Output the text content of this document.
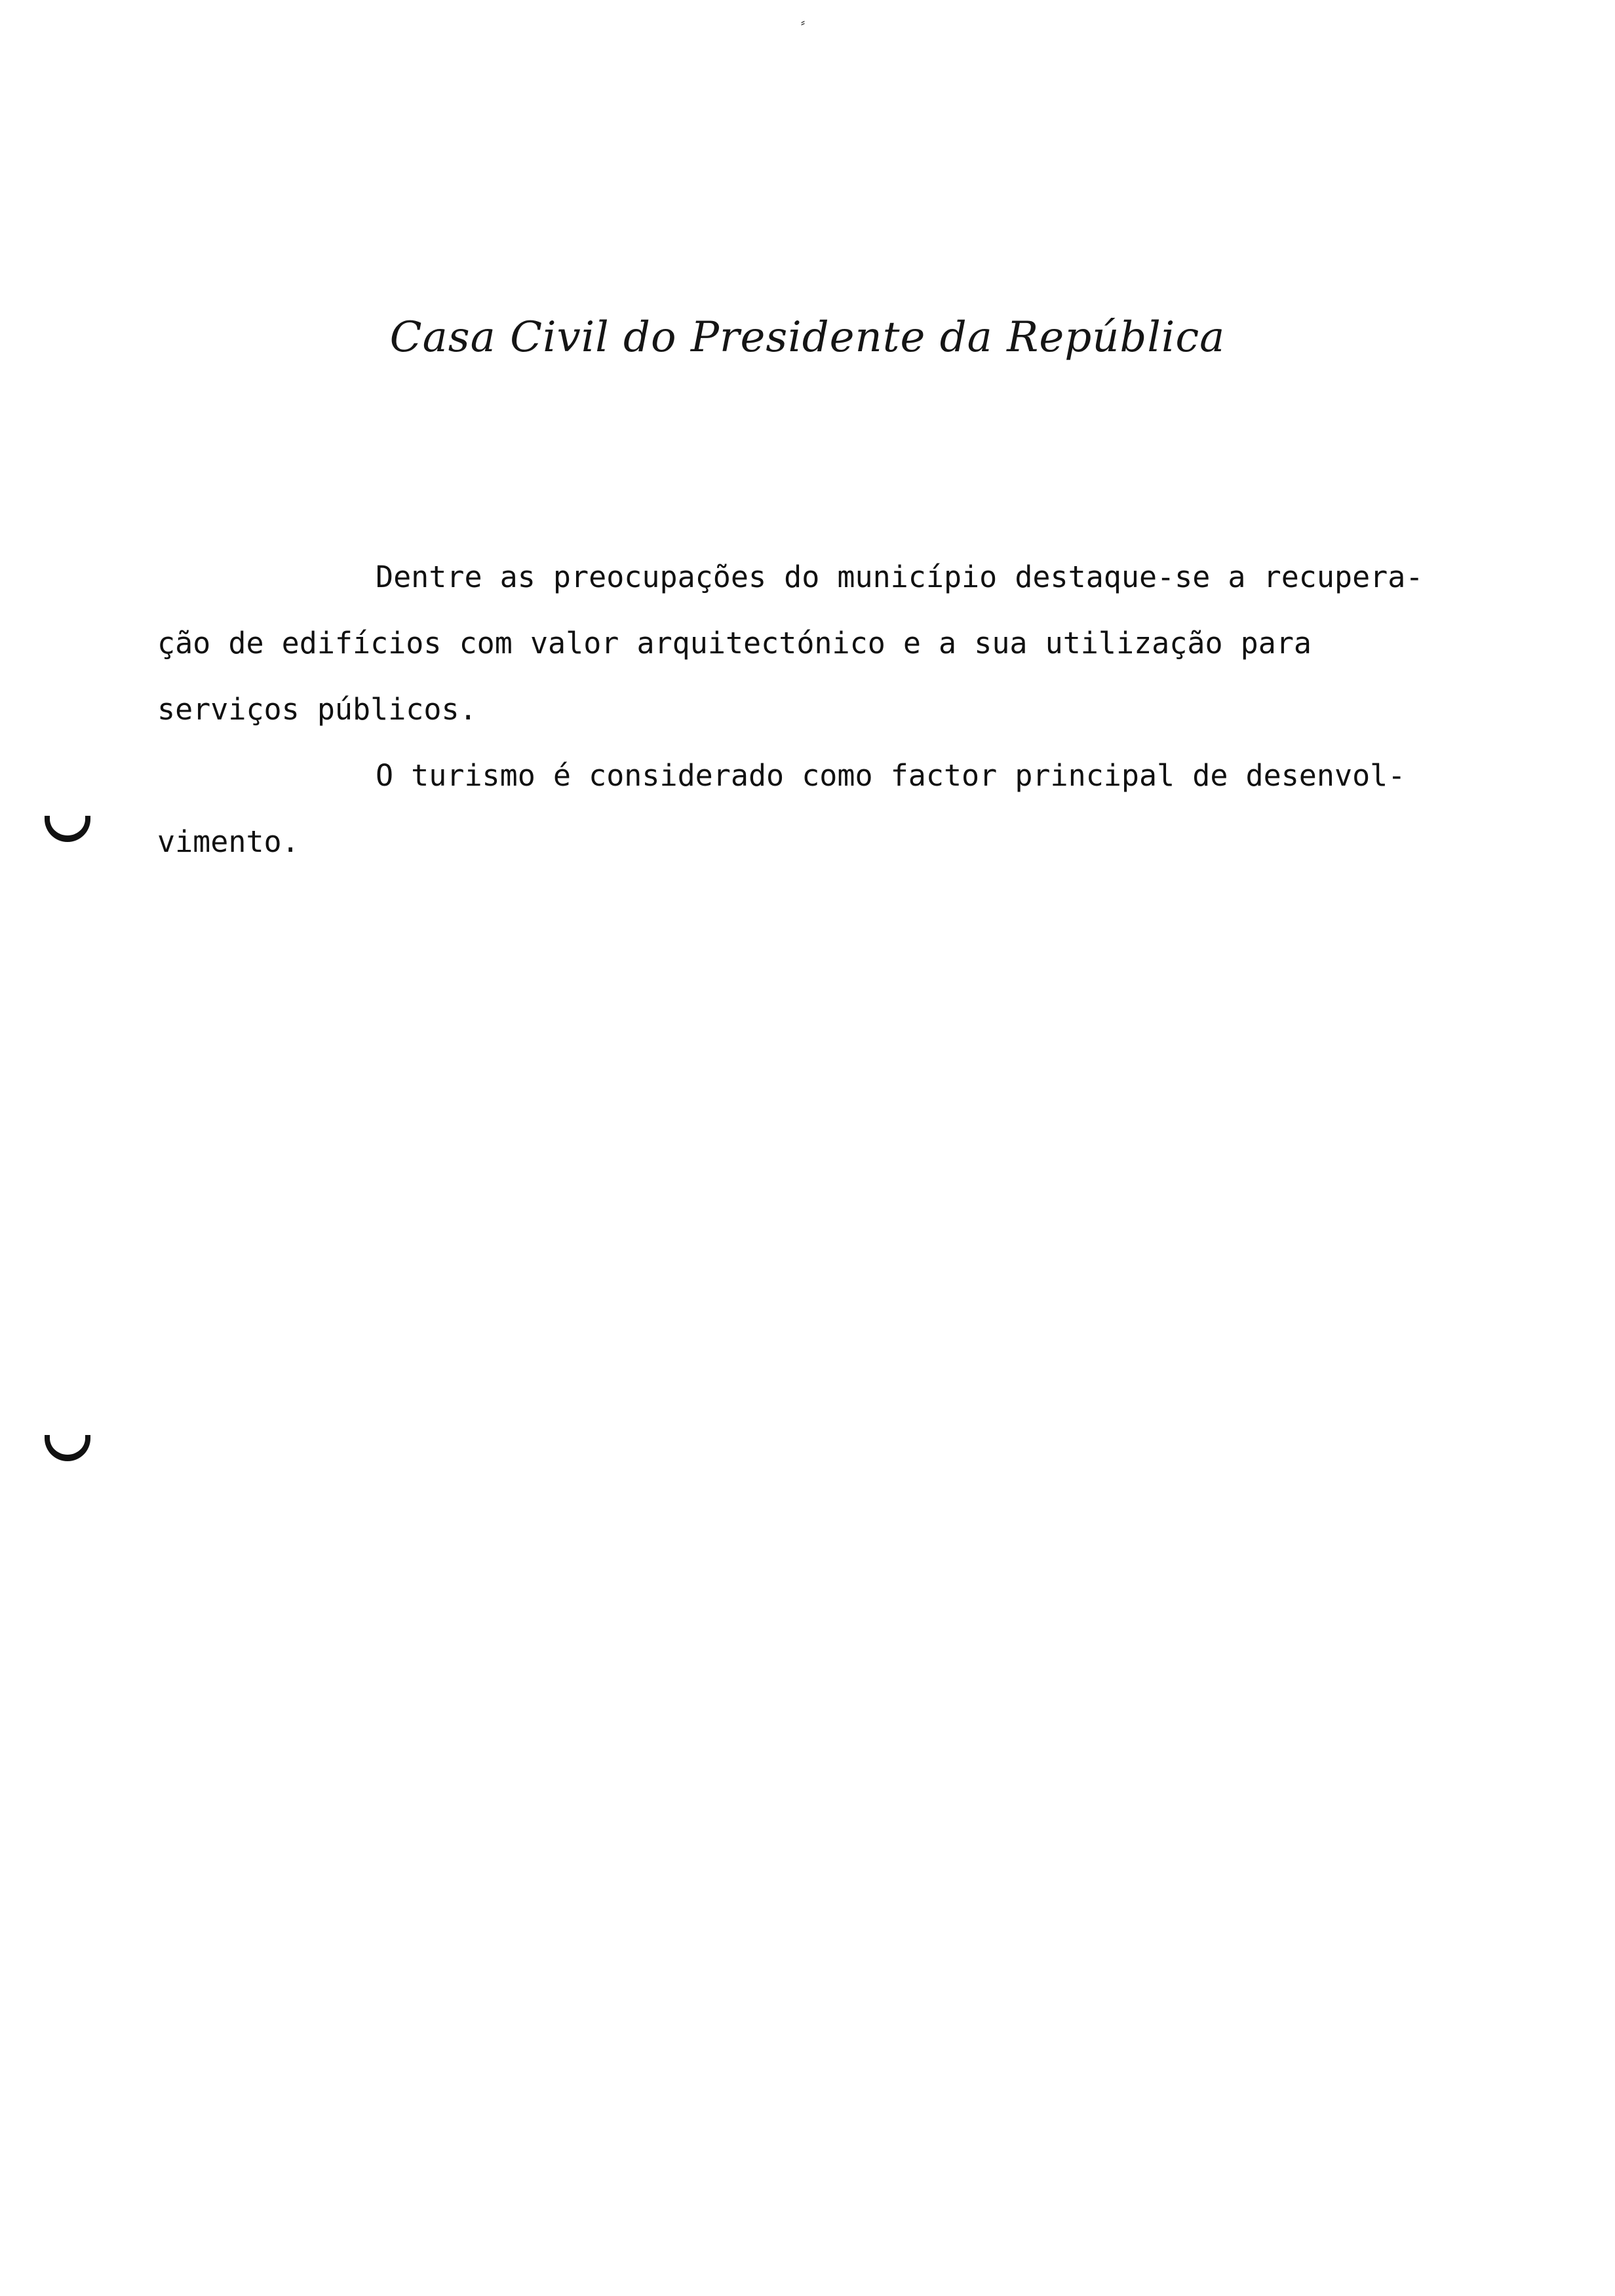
⸗
Casa Civil do Presidente da República

Dentre as preocupações do município destaque-se a recupera-

ção de edifícios com valor arquitectónico e a sua utilização para

serviços públicos.

O turismo é considerado como factor principal de desenvol-

vimento.
